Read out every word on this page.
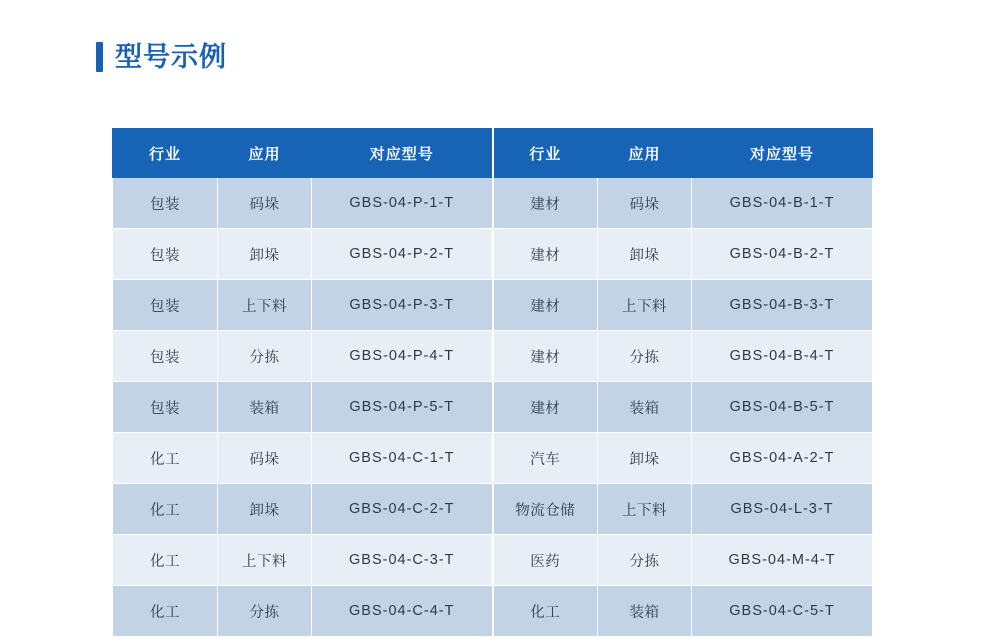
型号示例
行业	应用	对应型号	行业	应用	对应型号
包装	码垛	GBS-04-P-1-T	建材	码垛	GBS-04-B-1-T
包装	卸垛	GBS-04-P-2-T	建材	卸垛	GBS-04-B-2-T
包装	上下料	GBS-04-P-3-T	建材	上下料	GBS-04-B-3-T
包装	分拣	GBS-04-P-4-T	建材	分拣	GBS-04-B-4-T
包装	装箱	GBS-04-P-5-T	建材	装箱	GBS-04-B-5-T
化工	码垛	GBS-04-C-1-T	汽车	卸垛	GBS-04-A-2-T
化工	卸垛	GBS-04-C-2-T	物流仓储	上下料	GBS-04-L-3-T
化工	上下料	GBS-04-C-3-T	医药	分拣	GBS-04-M-4-T
化工	分拣	GBS-04-C-4-T	化工	装箱	GBS-04-C-5-T
